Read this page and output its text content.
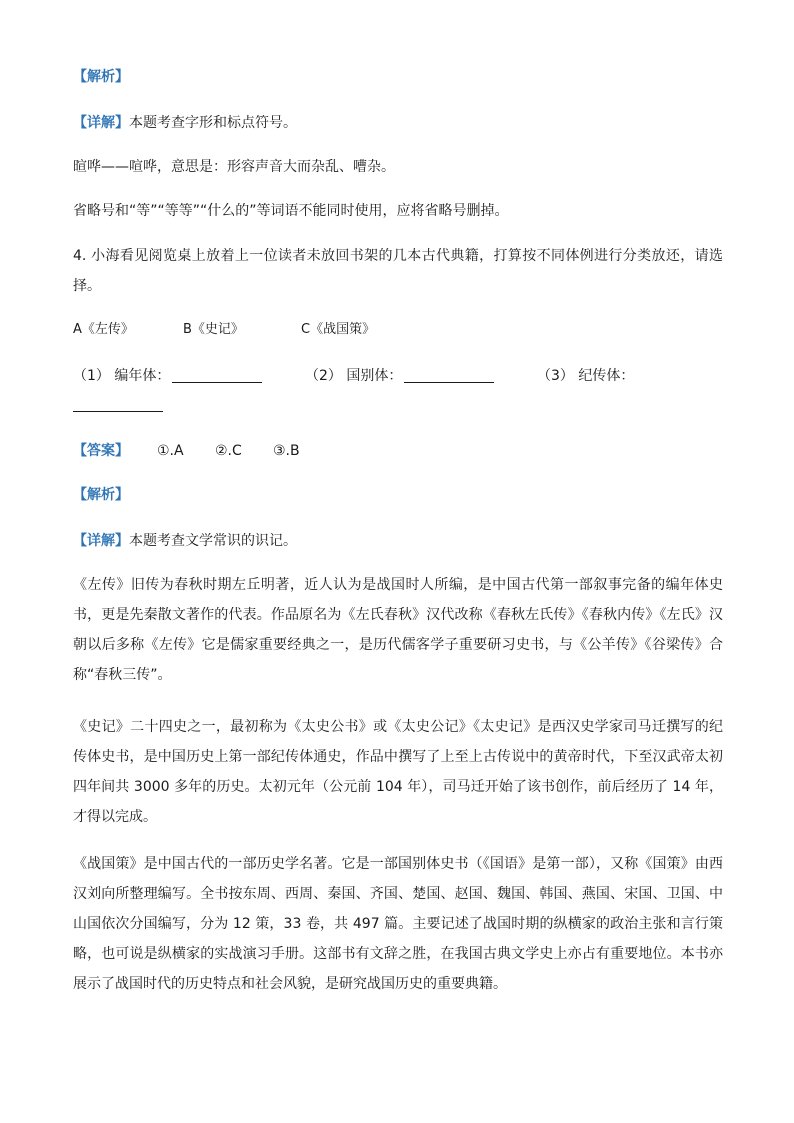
【解析】
【详解】本题考查字形和标点符号。
暄哗——喧哗，意思是：形容声音大而杂乱、嘈杂。
省略号和“等”“等等”“什么的”等词语不能同时使用，应将省略号删掉。
4. 小海看见阅览桌上放着上一位读者未放回书架的几本古代典籍，打算按不同体例进行分类放还，请选择。
A《左传》	B《史记》	C《战国策》
（1） 编年体：	（2） 国别体：	（3） 纪传体：
【答案】 ①.A ②.C ③.B
【解析】
【详解】本题考查文学常识的识记。
《左传》旧传为春秋时期左丘明著，近人认为是战国时人所编，是中国古代第一部叙事完备的编年体史书，更是先秦散文著作的代表。作品原名为《左氏春秋》汉代改称《春秋左氏传》《春秋内传》《左氏》汉朝以后多称《左传》它是儒家重要经典之一，是历代儒客学子重要研习史书，与《公羊传》《谷梁传》合称“春秋三传”。
《史记》二十四史之一，最初称为《太史公书》或《太史公记》《太史记》是西汉史学家司马迁撰写的纪传体史书，是中国历史上第一部纪传体通史，作品中撰写了上至上古传说中的黄帝时代，下至汉武帝太初四年间共 3000 多年的历史。太初元年（公元前 104 年），司马迁开始了该书创作，前后经历了 14 年，才得以完成。
《战国策》是中国古代的一部历史学名著。它是一部国别体史书（《国语》是第一部），又称《国策》由西汉刘向所整理编写。全书按东周、西周、秦国、齐国、楚国、赵国、魏国、韩国、燕国、宋国、卫国、中山国依次分国编写，分为 12 策，33 卷，共 497 篇。主要记述了战国时期的纵横家的政治主张和言行策略，也可说是纵横家的实战演习手册。这部书有文辞之胜，在我国古典文学史上亦占有重要地位。本书亦展示了战国时代的历史特点和社会风貌，是研究战国历史的重要典籍。
